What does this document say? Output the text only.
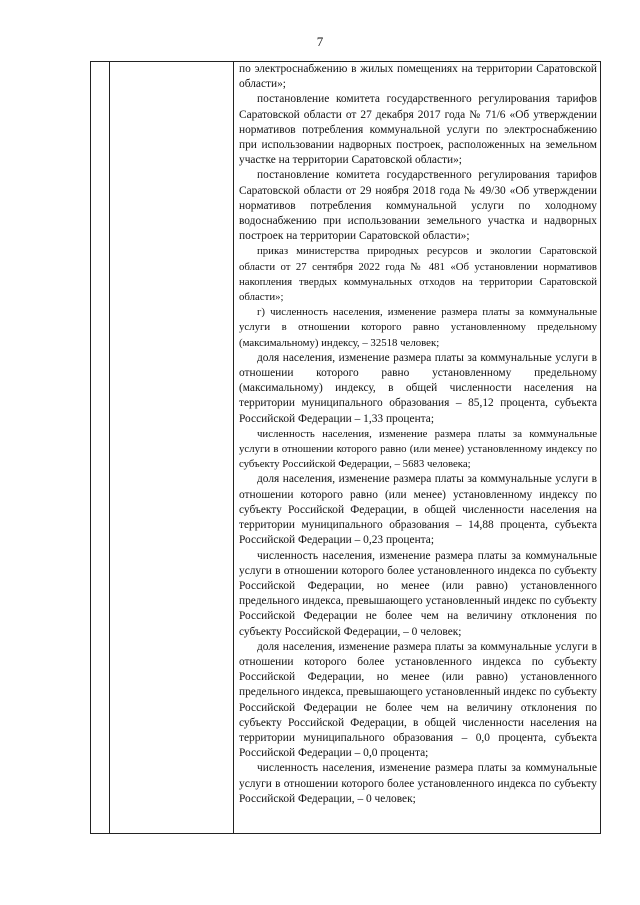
7

по электроснабжению в жилых помещениях на территории Саратовской области»;

постановление комитета государственного регулирования тарифов Саратовской области от 27 декабря 2017 года № 71/6 «Об утверждении нормативов потребления коммунальной услуги по электроснабжению при использовании надворных построек, расположенных на земельном участке на территории Саратовской области»;

постановление комитета государственного регулирования тарифов Саратовской области от 29 ноября 2018 года № 49/30 «Об утверждении нормативов потребления коммунальной услуги по холодному водоснабжению при использовании земельного участка и надворных построек на территории Саратовской области»;

приказ министерства природных ресурсов и экологии Саратовской области от 27 сентября 2022 года № 481 «Об установлении нормативов накопления твердых коммунальных отходов на территории Саратовской области»;

г) численность населения, изменение размера платы за коммунальные услуги в отношении которого равно установленному предельному (максимальному) индексу, – 32518 человек;

доля населения, изменение размера платы за коммунальные услуги в отношении которого равно установленному предельному (максимальному) индексу, в общей численности населения на территории муниципального образования – 85,12 процента, субъекта Российской Федерации – 1,33 процента;

численность населения, изменение размера платы за коммунальные услуги в отношении которого равно (или менее) установленному индексу по субъекту Российской Федерации, – 5683 человека;

доля населения, изменение размера платы за коммунальные услуги в отношении которого равно (или менее) установленному индексу по субъекту Российской Федерации, в общей численности населения на территории муниципального образования – 14,88 процента, субъекта Российской Федерации – 0,23 процента;

численность населения, изменение размера платы за коммунальные услуги в отношении которого более установленного индекса по субъекту Российской Федерации, но менее (или равно) установленного предельного индекса, превышающего установленный индекс по субъекту Российской Федерации не более чем на величину отклонения по субъекту Российской Федерации, – 0 человек;

доля населения, изменение размера платы за коммунальные услуги в отношении которого более установленного индекса по субъекту Российской Федерации, но менее (или равно) установленного предельного индекса, превышающего установленный индекс по субъекту Российской Федерации не более чем на величину отклонения по субъекту Российской Федерации, в общей численности населения на территории муниципального образования – 0,0 процента, субъекта Российской Федерации – 0,0 процента;

численность населения, изменение размера платы за коммунальные услуги в отношении которого более установленного индекса по субъекту Российской Федерации, – 0 человек;
